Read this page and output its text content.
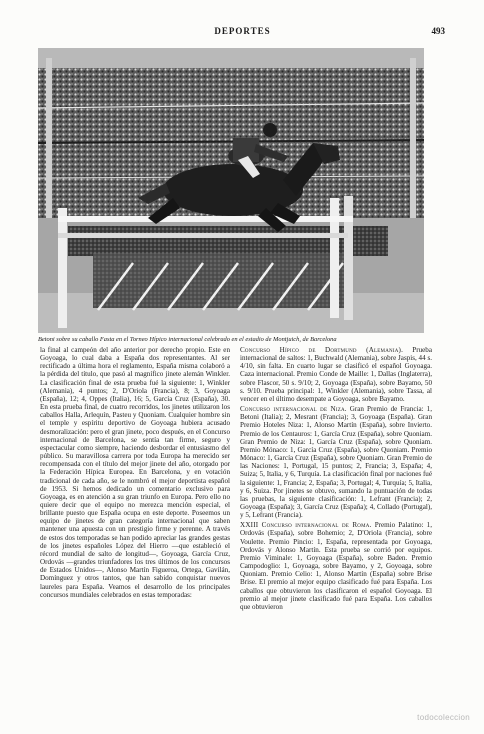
DEPORTES	493
Betoni sobre su caballo Fasta en el Torneo Hípico internacional celebrado en el estadio de Montjuich, de Barcelona

la final al campeón del año anterior por derecho propio. Este en Goyoaga, lo cual daba a España dos representantes. Al ser rectificado a última hora el reglamento, España misma colaboró a la pérdida del título, que pasó al magnífico jinete alemán Winkler. La clasificación final de esta prueba fué la siguiente: 1, Winkler (Alemania), 4 puntos; 2, D'Oriola (Francia), 8; 3, Goyoaga (España), 12; 4, Oppes (Italia), 16; 5, García Cruz (España), 30. En esta prueba final, de cuatro recorridos, los jinetes utilizaron los caballos Halla, Arlequín, Pasteu y Quoniam. Cualquier hombre sin el temple y espíritu deportivo de Goyoaga hubiera acusado desmoralización: pero el gran jinete, poco después, en el Concurso internacional de Barcelona, se sentía tan firme, seguro y espectacular como siempre, haciendo desbordar el entusiasmo del público. Su maravillosa carrera por toda Europa ha merecido ser recompensada con el título del mejor jinete del año, otorgado por la Federación Hípica Europea. En Barcelona, y en votación tradicional de cada año, se le nombró el mejor deportista español de 1953. Si hemos dedicado un comentario exclusivo para Goyoaga, es en atención a su gran triunfo en Europa. Pero ello no quiere decir que el equipo no merezca mención especial, el brillante puesto que España ocupa en este deporte. Poseemos un equipo de jinetes de gran categoría internacional que saben mantener una apuesta con un prestigio firme y perenne. A través de estos dos temporadas se han podido apreciar las grandes gestas de los jinetes españoles López del Hierro —que estableció el récord mundial de salto de longitud—, Goyoaga, García Cruz, Ordovás —grandes triunfadores los tres últimos de los concursos de Estados Unidos—, Alonso Martín Figueroa, Ortega, Gavilán, Domínguez y otros tantos, que han sabido conquistar nuevos laureles para España. Veamos el desarrollo de los principales concursos mundiales celebrados en estas temporadas:

Concurso Hípico de Dortmund (Alemania). Prueba internacional de saltos: 1, Buchwald (Alemania), sobre Jaspis, 44 s. 4/10, sin falta. En cuarto lugar se clasificó el español Goyoaga. Caza internacional. Premio Conde de Maille: 1, Dallas (Inglaterra), sobre Flascor, 50 s. 9/10; 2, Goyoaga (España), sobre Bayamo, 50 s. 9/10. Prueba principal: 1, Winkler (Alemania), sobre Tassa, al vencer en el último desempate a Goyoaga, sobre Bayamo.

Concurso internacional de Niza. Gran Premio de Francia: 1, Betoni (Italia); 2, Mesrant (Francia); 3, Goyoaga (España). Gran Premio Hoteles Niza: 1, Alonso Martín (España), sobre Invierto. Premio de los Centauros: 1, García Cruz (España), sobre Quoniam. Gran Premio de Niza: 1, García Cruz (España), sobre Quoniam. Premio Mónaco: 1, García Cruz (España), sobre Quoniam. Premio Mónaco: 1, García Cruz (España), sobre Quoniam. Gran Premio de las Naciones: 1, Portugal, 15 puntos; 2, Francia; 3, España; 4, Suiza; 5, Italia, y 6, Turquía. La clasificación final por naciones fué la siguiente: 1, Francia; 2, España; 3, Portugal; 4, Turquía; 5, Italia, y 6, Suiza. Por jinetes se obtuvo, sumando la puntuación de todas las pruebas, la siguiente clasificación: 1, Lefrant (Francia); 2, Goyoaga (España); 3, García Cruz (España); 4, Collado (Portugal), y 5, Lefrant (Francia).

XXIII Concurso internacional de Roma. Premio Palatino: 1, Ordovás (España), sobre Bohemio; 2, D'Oriola (Francia), sobre Voulette. Premio Pincio: 1, España, representada por Goyoaga, Ordovás y Alonso Martín. Esta prueba se corrió por equipos. Premio Viminale: 1, Goyoaga (España), sobre Baden. Premio Campodoglio: 1, Goyoaga, sobre Bayamo, y 2, Goyoaga, sobre Quoniam. Premio Celio: 1, Alonso Martín (España) sobre Brise Brise. El premio al mejor equipo clasificado fué para España. Los caballos que obtuvieron los clasificaron el español Goyoaga. El premio al mejor jinete clasificado fué para España. Los caballos que obtuvieron

todocoleccion
